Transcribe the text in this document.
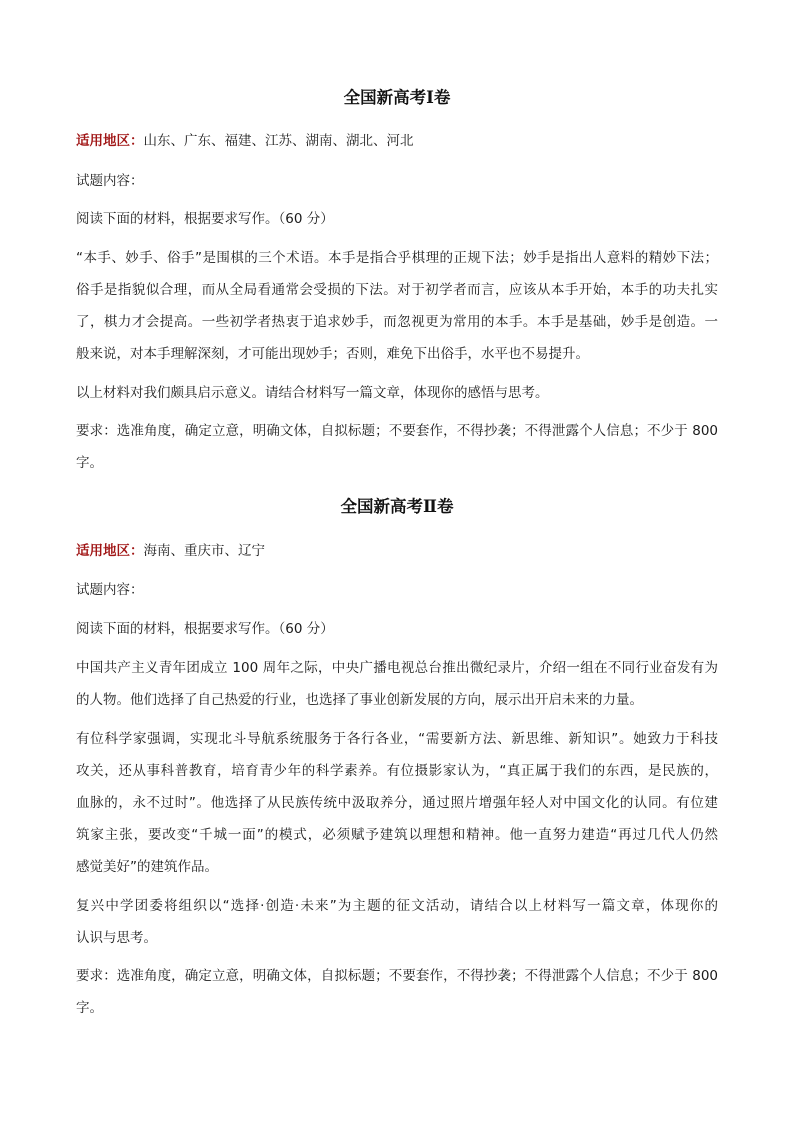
全国新高考Ⅰ卷
适用地区：山东、广东、福建、江苏、湖南、湖北、河北
试题内容：
阅读下面的材料，根据要求写作。（60 分）
“本手、妙手、俗手”是围棋的三个术语。本手是指合乎棋理的正规下法；妙手是指出人意料的精妙下法；
俗手是指貌似合理，而从全局看通常会受损的下法。对于初学者而言，应该从本手开始，本手的功夫扎实
了，棋力才会提高。一些初学者热衷于追求妙手，而忽视更为常用的本手。本手是基础，妙手是创造。一
般来说，对本手理解深刻，才可能出现妙手；否则，难免下出俗手，水平也不易提升。
以上材料对我们颇具启示意义。请结合材料写一篇文章，体现你的感悟与思考。
要求：选准角度，确定立意，明确文体，自拟标题；不要套作，不得抄袭；不得泄露个人信息；不少于 800
字。
全国新高考Ⅱ卷
适用地区：海南、重庆市、辽宁
试题内容：
阅读下面的材料，根据要求写作。（60 分）
中国共产主义青年团成立 100 周年之际，中央广播电视总台推出微纪录片，介绍一组在不同行业奋发有为
的人物。他们选择了自己热爱的行业，也选择了事业创新发展的方向，展示出开启未来的力量。
有位科学家强调，实现北斗导航系统服务于各行各业，“需要新方法、新思维、新知识”。她致力于科技
攻关，还从事科普教育，培育青少年的科学素养。有位摄影家认为，“真正属于我们的东西，是民族的，
血脉的，永不过时”。他选择了从民族传统中汲取养分，通过照片增强年轻人对中国文化的认同。有位建
筑家主张，要改变“千城一面”的模式，必须赋予建筑以理想和精神。他一直努力建造“再过几代人仍然
感觉美好”的建筑作品。
复兴中学团委将组织以“选择·创造·未来”为主题的征文活动，请结合以上材料写一篇文章，体现你的
认识与思考。
要求：选准角度，确定立意，明确文体，自拟标题；不要套作，不得抄袭；不得泄露个人信息；不少于 800
字。
